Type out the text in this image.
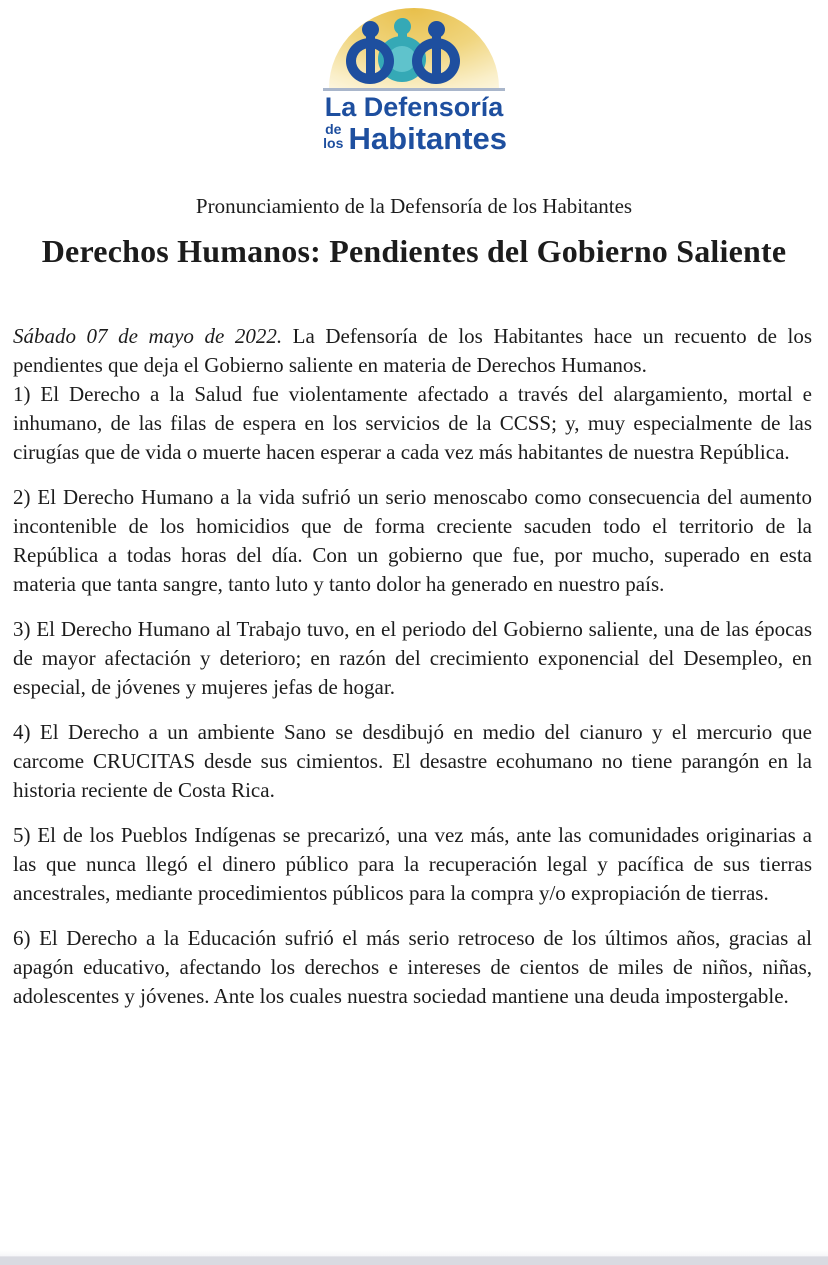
La Defensoría
de los Habitantes
Pronunciamiento de la Defensoría de los Habitantes
Derechos Humanos: Pendientes del Gobierno Saliente

Sábado 07 de mayo de 2022. La Defensoría de los Habitantes hace un recuento de los pendientes que deja el Gobierno saliente en materia de Derechos Humanos.

1) El Derecho a la Salud fue violentamente afectado a través del alargamiento, mortal e inhumano, de las filas de espera en los servicios de la CCSS; y, muy especialmente de las cirugías que de vida o muerte hacen esperar a cada vez más habitantes de nuestra República.

2) El Derecho Humano a la vida sufrió un serio menoscabo como consecuencia del aumento incontenible de los homicidios que de forma creciente sacuden todo el territorio de la República a todas horas del día. Con un gobierno que fue, por mucho, superado en esta materia que tanta sangre, tanto luto y tanto dolor ha generado en nuestro país.

3) El Derecho Humano al Trabajo tuvo, en el periodo del Gobierno saliente, una de las épocas de mayor afectación y deterioro; en razón del crecimiento exponencial del Desempleo, en especial, de jóvenes y mujeres jefas de hogar.

4) El Derecho a un ambiente Sano se desdibujó en medio del cianuro y el mercurio que carcome CRUCITAS desde sus cimientos. El desastre ecohumano no tiene parangón en la historia reciente de Costa Rica.

5) El de los Pueblos Indígenas se precarizó, una vez más, ante las comunidades originarias a las que nunca llegó el dinero público para la recuperación legal y pacífica de sus tierras ancestrales, mediante procedimientos públicos para la compra y/o expropiación de tierras.

6) El Derecho a la Educación sufrió el más serio retroceso de los últimos años, gracias al apagón educativo, afectando los derechos e intereses de cientos de miles de niños, niñas, adolescentes y jóvenes. Ante los cuales nuestra sociedad mantiene una deuda impostergable.
